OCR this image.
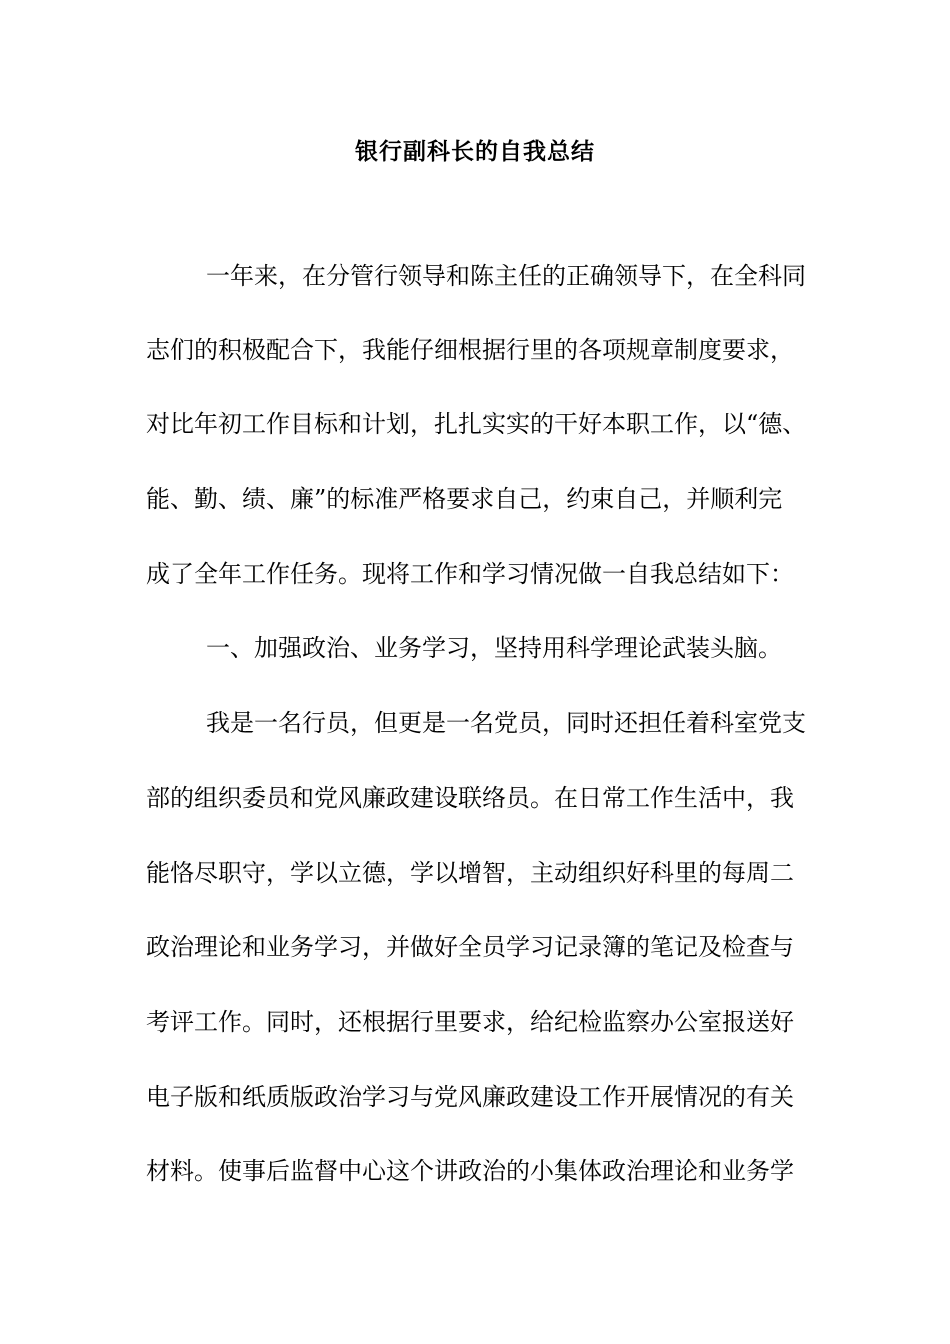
银行副科长的自我总结
一年来，在分管行领导和陈主任的正确领导下，在全科同
志们的积极配合下，我能仔细根据行里的各项规章制度要求，
对比年初工作目标和计划，扎扎实实的干好本职工作，以“德、
能、勤、绩、廉”的标准严格要求自己，约束自己，并顺利完
成了全年工作任务。现将工作和学习情况做一自我总结如下：
一、加强政治、业务学习，坚持用科学理论武装头脑。
我是一名行员，但更是一名党员，同时还担任着科室党支
部的组织委员和党风廉政建设联络员。在日常工作生活中，我
能恪尽职守，学以立德，学以增智，主动组织好科里的每周二
政治理论和业务学习，并做好全员学习记录簿的笔记及检查与
考评工作。同时，还根据行里要求，给纪检监察办公室报送好
电子版和纸质版政治学习与党风廉政建设工作开展情况的有关
材料。使事后监督中心这个讲政治的小集体政治理论和业务学
